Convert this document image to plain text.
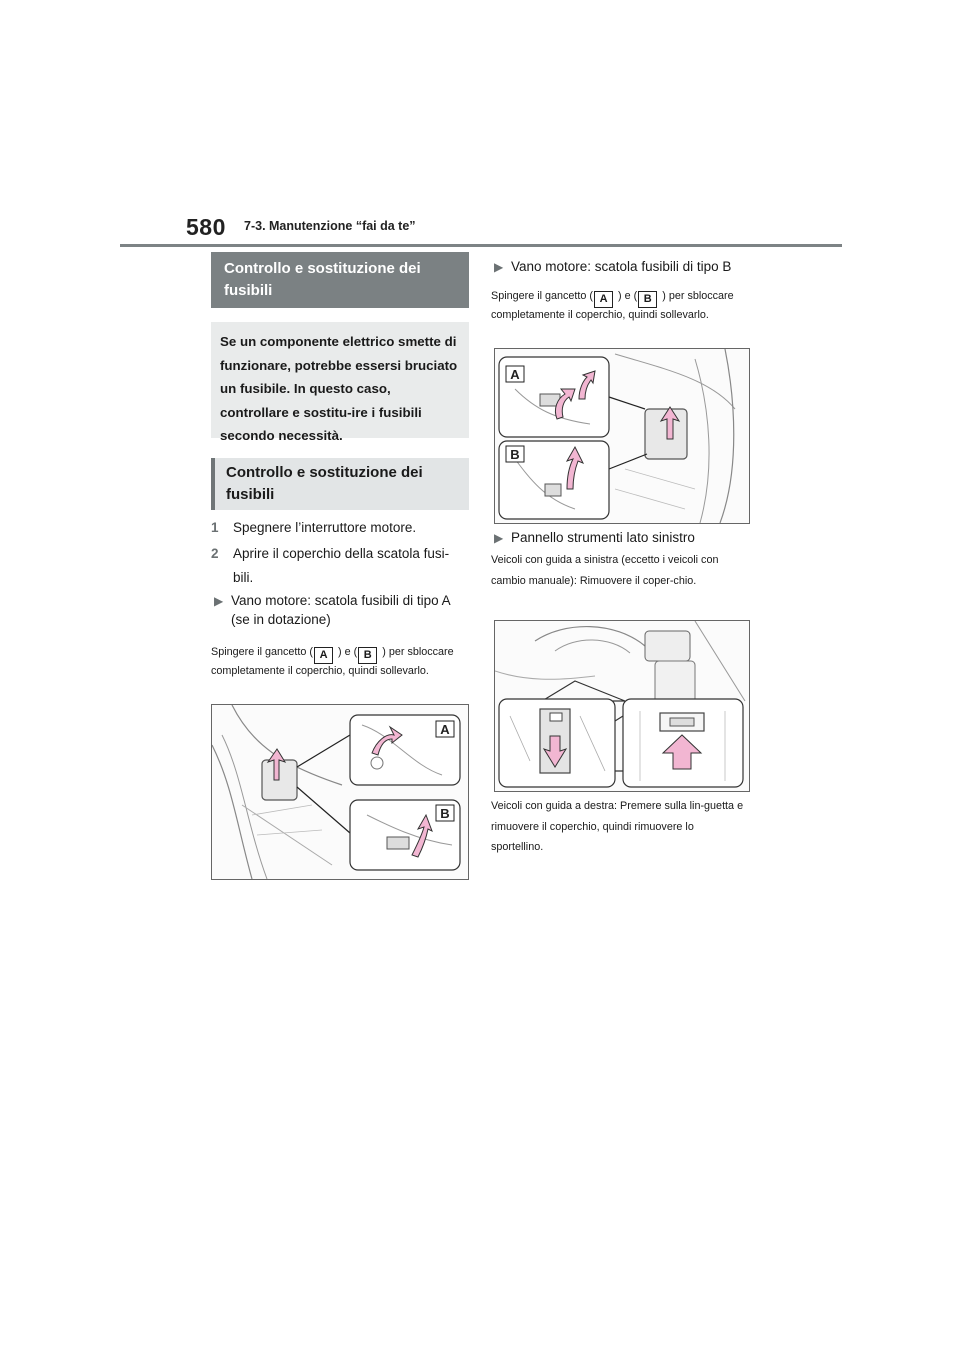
580 7-3. Manutenzione “fai da te”
Controllo e sostituzione dei fusibili
Se un componente elettrico smette di funzionare, potrebbe essersi bruciato un fusibile. In questo caso, controllare e sostitu-ire i fusibili secondo necessità.
Controllo e sostituzione dei fusibili
1	Spegnere l’interruttore motore.
2	Aprire il coperchio della scatola fusi-bili.
▶ Vano motore: scatola fusibili di tipo A (se in dotazione)
Spingere il gancetto ( A ) e ( B ) per sbloccare completamente il coperchio, quindi sollevarlo.
A
B
▶ Vano motore: scatola fusibili di tipo B
Spingere il gancetto ( A ) e ( B ) per sbloccare completamente il coperchio, quindi sollevarlo.
A
B
▶ Pannello strumenti lato sinistro
Veicoli con guida a sinistra (eccetto i veicoli con cambio manuale): Rimuovere il coper-chio.
Veicoli con guida a destra: Premere sulla lin-guetta e rimuovere il coperchio, quindi rimuovere lo sportellino.
